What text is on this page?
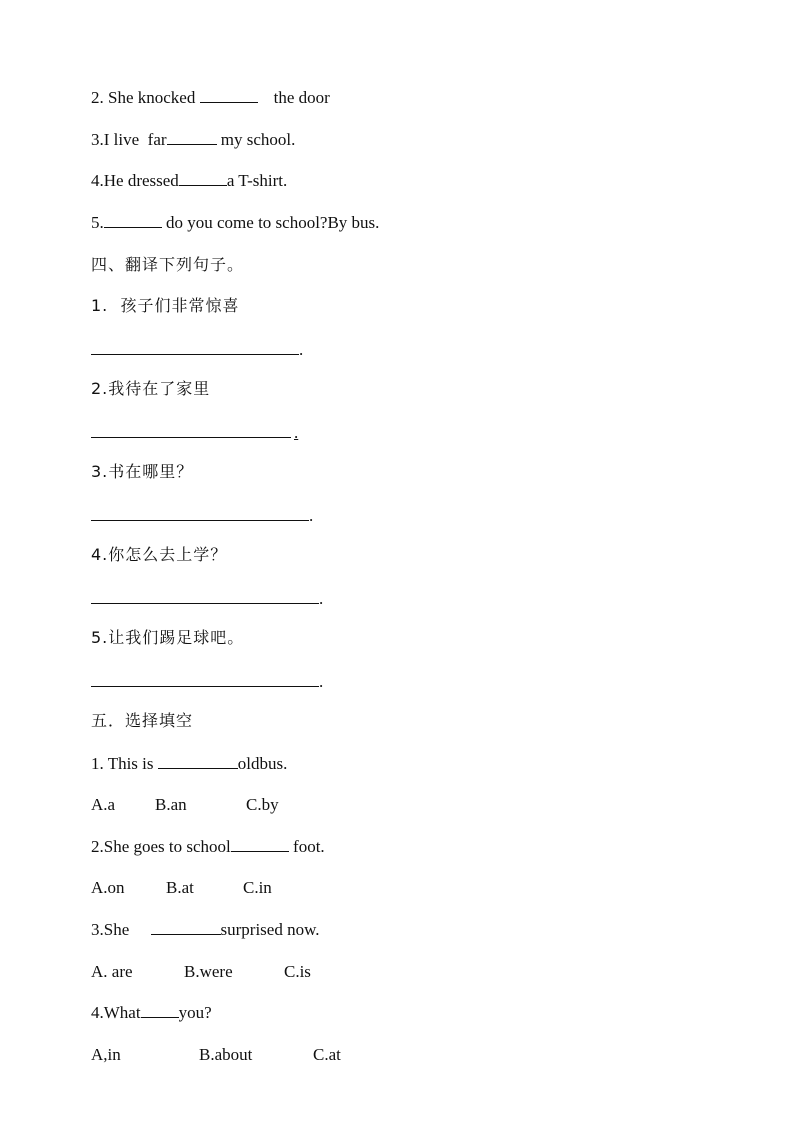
2. She knocked	the door
3.I live  far	my school.
4.He dressed	a T-shirt.
5.	do you come to school?By bus.
四、翻译下列句子。
1.  孩子们非常惊喜
.
2.我待在了家里
.
3.书在哪里？
.
4.你怎么去上学？
.
5.让我们踢足球吧。
.
五．选择填空
1. This is	oldbus.
A.a B.an	C.by
2.She goes to school	foot.
A.on B.at	C.in
3.She	surprised now.
A. are	B.were	C.is
4.What you?
A,in	B.about	C.at
